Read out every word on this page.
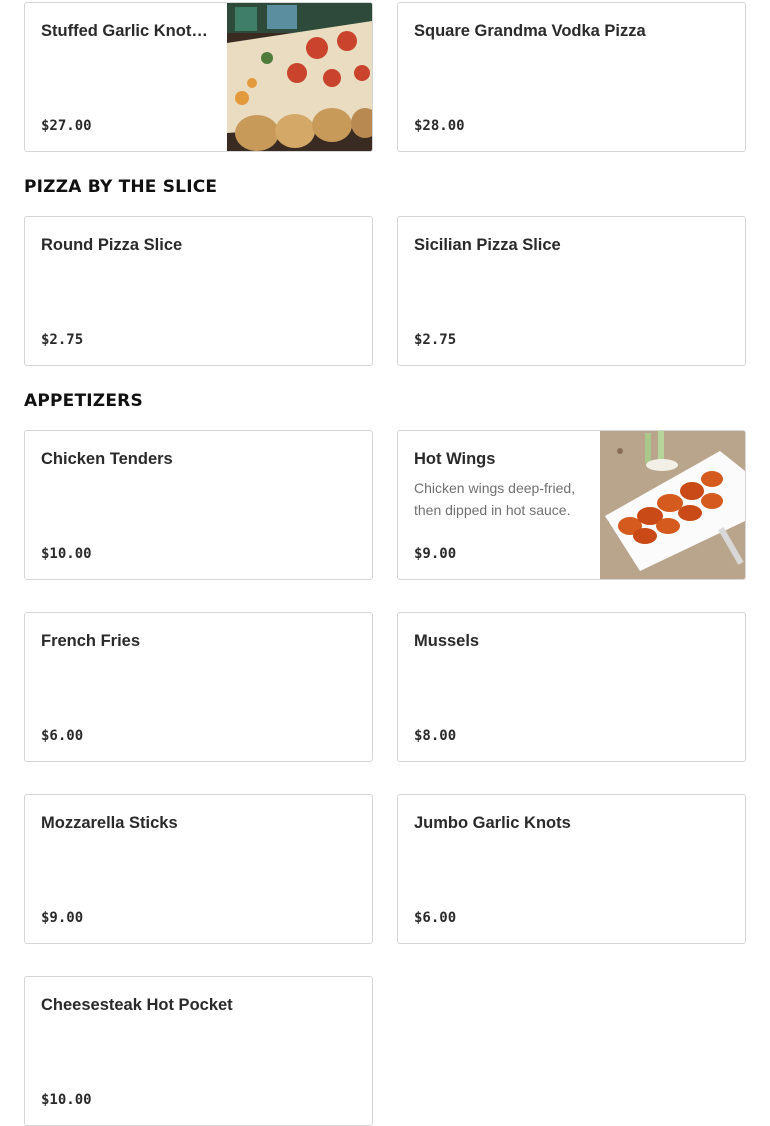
Stuffed Garlic Knot…
$27.00
Square Grandma Vodka Pizza
$28.00
PIZZA BY THE SLICE
Round Pizza Slice
$2.75
Sicilian Pizza Slice
$2.75
APPETIZERS
Chicken Tenders
$10.00
Hot Wings
Chicken wings deep-fried, then dipped in hot sauce.
$9.00
French Fries
$6.00
Mussels
$8.00
Mozzarella Sticks
$9.00
Jumbo Garlic Knots
$6.00
Cheesesteak Hot Pocket
$10.00
